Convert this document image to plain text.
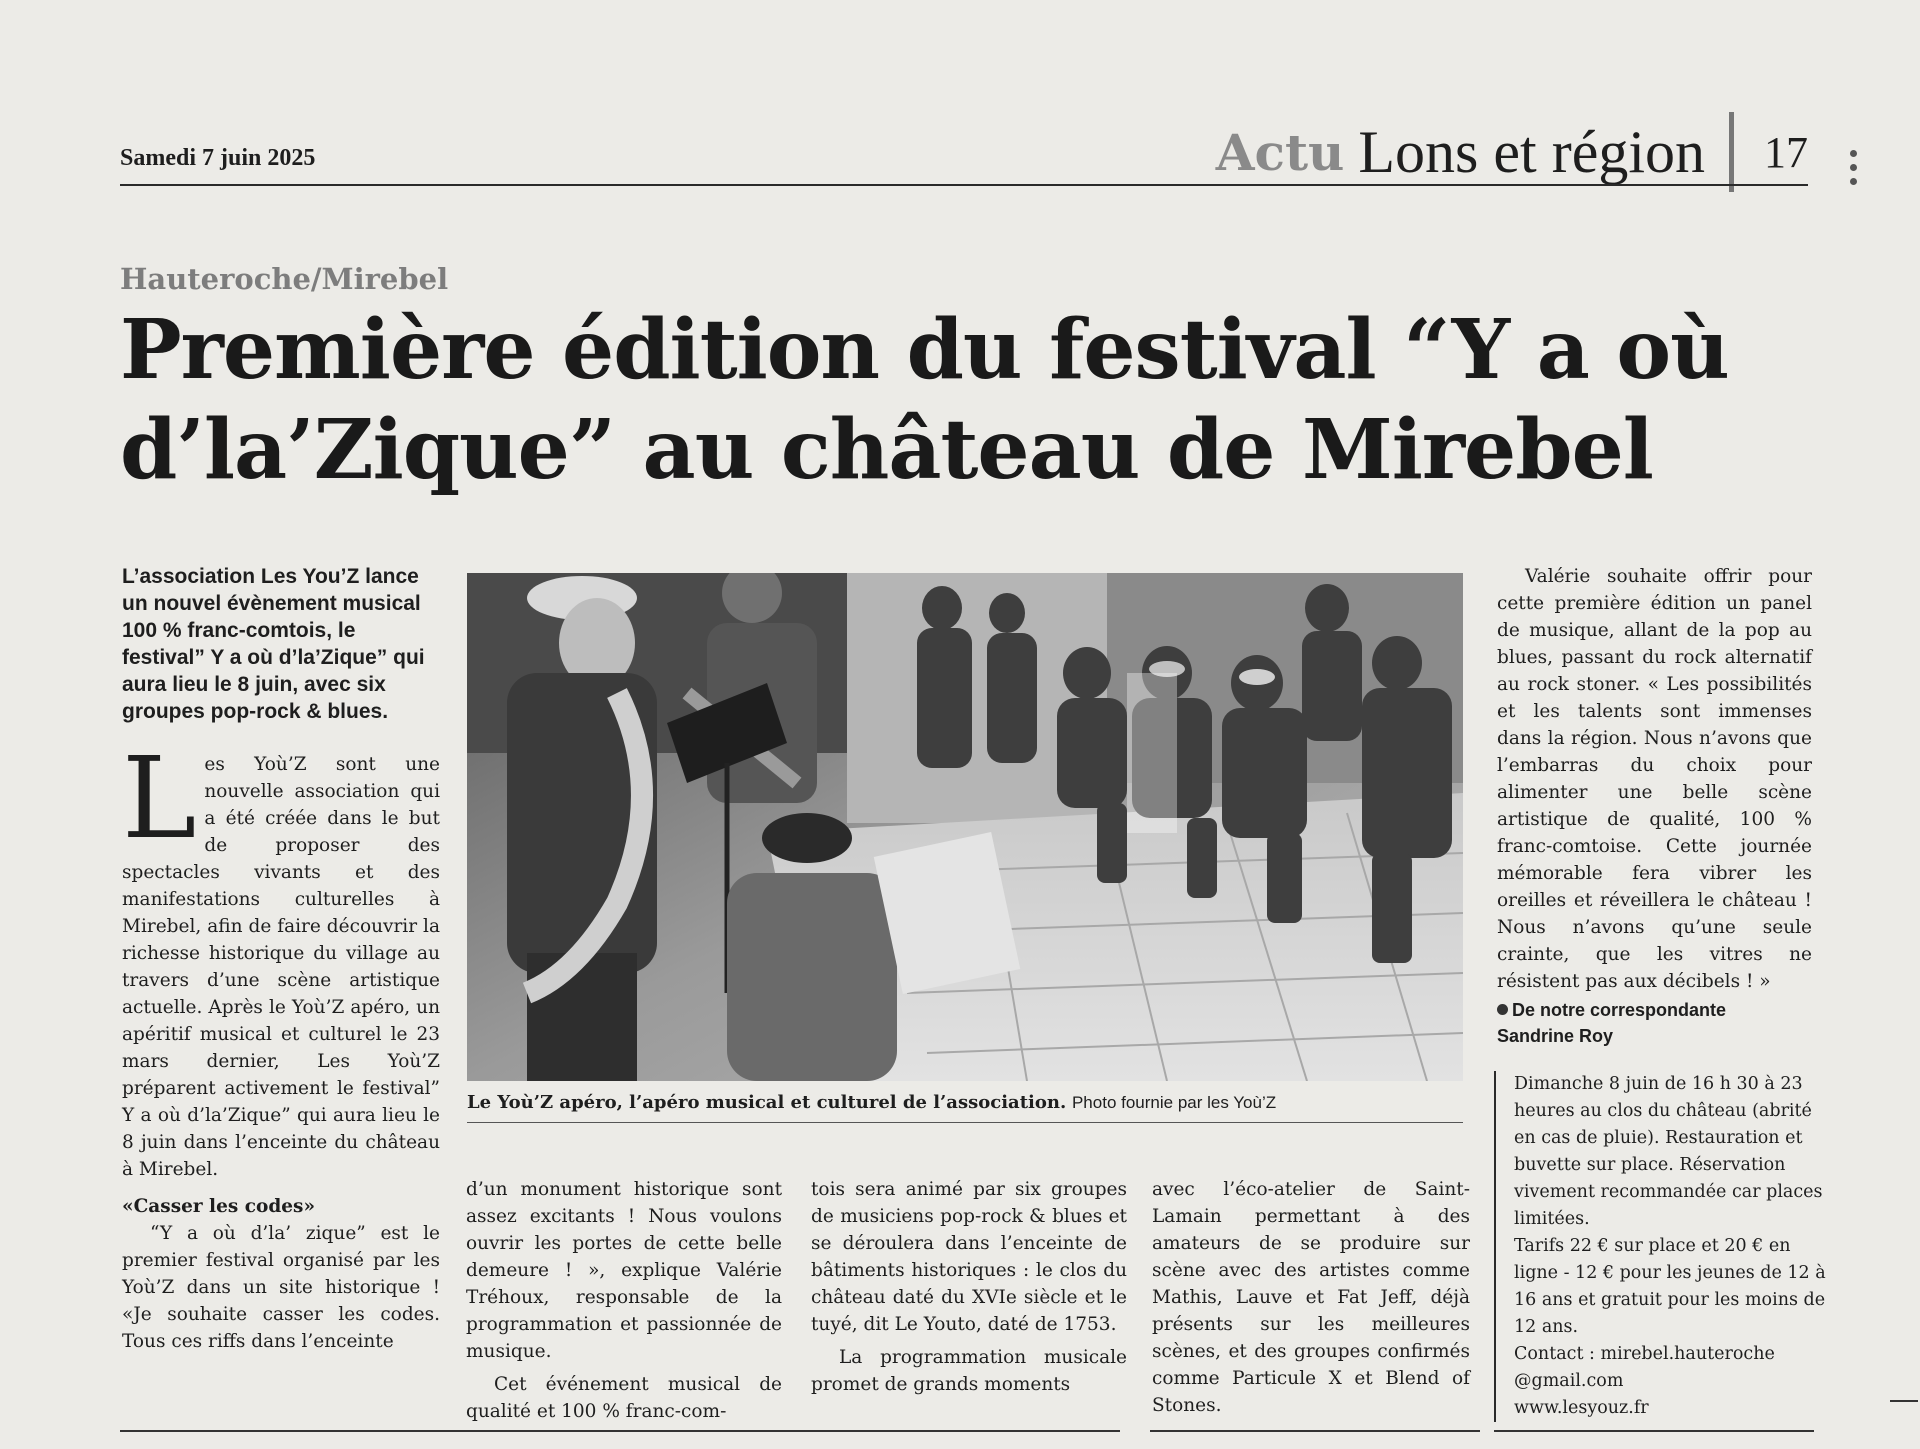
Samedi 7 juin 2025	Actu Lons et région 17
Hauteroche/Mirebel
Première édition du festival “Y a où d’la’Zique” au château de Mirebel

L’association Les You’Z lance un nouvel évènement musical 100 % franc-comtois, le festival” Y a où d’la’Zique” qui aura lieu le 8 juin, avec six groupes pop-rock & blues.

Les Yoù’Z sont une nouvelle association qui a été créée dans le but de proposer des spectacles vivants et des manifestations culturelles à Mirebel, afin de faire découvrir la richesse historique du village au travers d’une scène artistique actuelle. Après le Yoù’Z apéro, un apéritif musical et culturel le 23 mars dernier, Les Yoù’Z préparent activement le festival” Y a où d’la’Zique” qui aura lieu le 8 juin dans l’enceinte du château à Mirebel.

«Casser les codes»

“Y a où d’la’ zique” est le premier festival organisé par les Yoù’Z dans un site historique ! «Je souhaite casser les codes. Tous ces riffs dans l’enceinte

Le Yoù’Z apéro, l’apéro musical et culturel de l’association. Photo fournie par les Yoù’Z

d’un monument historique sont assez excitants ! Nous voulons ouvrir les portes de cette belle demeure ! », explique Valérie Tréhoux, responsable de la programmation et passionnée de musique.

Cet événement musical de qualité et 100 % franc-com-

tois sera animé par six groupes de musiciens pop-rock & blues et se déroulera dans l’enceinte de bâtiments historiques : le clos du château daté du XVIe siècle et le tuyé, dit Le Youto, daté de 1753.

La programmation musicale promet de grands moments

avec l’éco-atelier de Saint-Lamain permettant à des amateurs de se produire sur scène avec des artistes comme Mathis, Lauve et Fat Jeff, déjà présents sur les meilleures scènes, et des groupes confirmés comme Particule X et Blend of Stones.

Valérie souhaite offrir pour cette première édition un panel de musique, allant de la pop au blues, passant du rock alternatif au rock stoner. « Les possibilités et les talents sont immenses dans la région. Nous n’avons que l’embarras du choix pour alimenter une belle scène artistique de qualité, 100 % franc-comtoise. Cette journée mémorable fera vibrer les oreilles et réveillera le château ! Nous n’avons qu’une seule crainte, que les vitres ne résistent pas aux décibels ! »

De notre correspondante
Sandrine Roy

Dimanche 8 juin de 16 h 30 à 23 heures au clos du château (abrité en cas de pluie). Restauration et buvette sur place. Réservation vivement recommandée car places limitées.

Tarifs 22 € sur place et 20 € en ligne - 12 € pour les jeunes de 12 à 16 ans et gratuit pour les moins de 12 ans.

Contact : mirebel.hauteroche @gmail.com

www.lesyouz.fr
